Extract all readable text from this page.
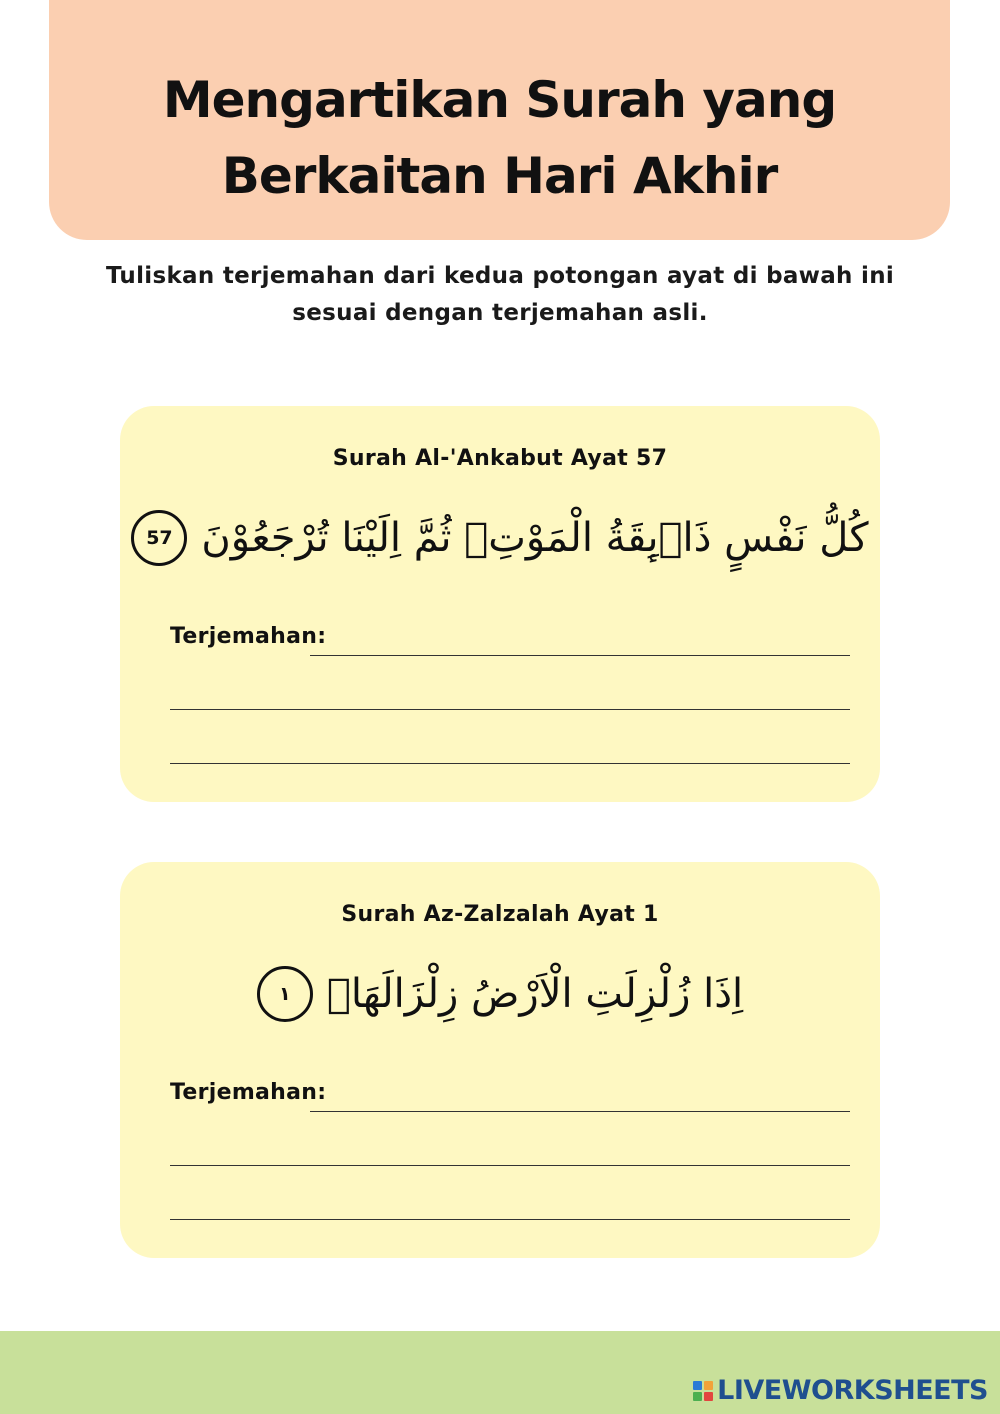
Mengartikan Surah yang
Berkaitan Hari Akhir
Tuliskan terjemahan dari kedua potongan ayat di bawah ini sesuai dengan terjemahan asli.
Surah Al-'Ankabut Ayat 57
57 كُلُّ نَفْسٍ ذَاۤىِٕقَةُ الْمَوْتِۗ ثُمَّ اِلَيْنَا تُرْجَعُوْنَ
Terjemahan:
Surah Az-Zalzalah Ayat 1
١ اِذَا زُلْزِلَتِ الْاَرْضُ زِلْزَالَهَاۙ
Terjemahan:
LIVEWORKSHEETS
